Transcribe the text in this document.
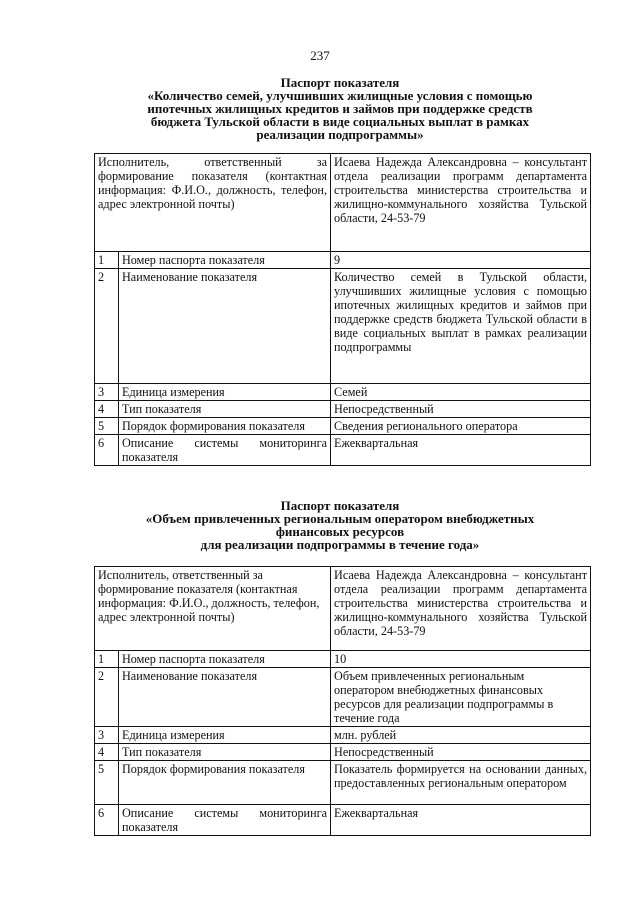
237
Паспорт показателя
«Количество семей, улучшивших жилищные условия с помощью
ипотечных жилищных кредитов и займов при поддержке средств
бюджета Тульской области в виде социальных выплат в рамках
реализации подпрограммы»
Исполнитель, ответственный за формирование показателя (контактная информация: Ф.И.О., должность, телефон, адрес электронной почты)		Исаева Надежда Александровна – консультант отдела реализации программ департамента строительства министерства строительства и жилищно-коммунального хозяйства Тульской области, 24-53-79
1	Номер паспорта показателя	9
2	Наименование показателя	Количество семей в Тульской области, улучшивших жилищные условия с помощью ипотечных жилищных кредитов и займов при поддержке средств бюджета Тульской области в виде социальных выплат в рамках реализации подпрограммы
3	Единица измерения	Семей
4	Тип показателя	Непосредственный
5	Порядок формирования показателя	Сведения регионального оператора
6	Описание системы мониторинга показателя	Ежеквартальная
Паспорт показателя
«Объем привлеченных региональным оператором внебюджетных
финансовых ресурсов
для реализации подпрограммы в течение года»
Исполнитель, ответственный за формирование показателя (контактная информация: Ф.И.О., должность, телефон, адрес электронной почты)		Исаева Надежда Александровна – консультант отдела реализации программ департамента строительства министерства строительства и жилищно-коммунального хозяйства Тульской области, 24-53-79
1	Номер паспорта показателя	10
2	Наименование показателя	Объем привлеченных региональным оператором внебюджетных финансовых ресурсов для реализации подпрограммы в течение года
3	Единица измерения	млн. рублей
4	Тип показателя	Непосредственный
5	Порядок формирования показателя	Показатель формируется на основании данных, предоставленных региональным оператором
6	Описание системы мониторинга показателя	Ежеквартальная
